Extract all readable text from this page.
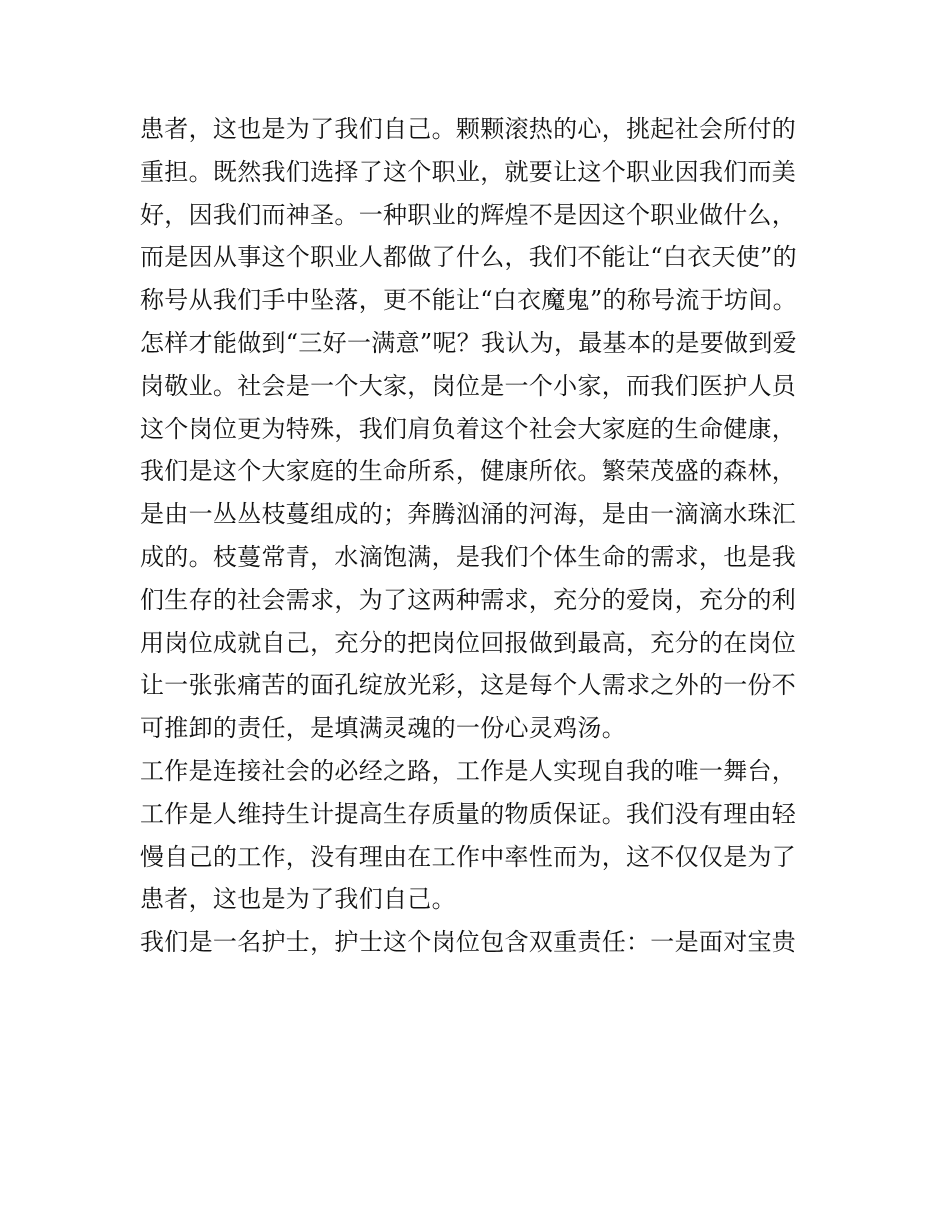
患者，这也是为了我们自己。颗颗滚热的心，挑起社会所付的
重担。既然我们选择了这个职业，就要让这个职业因我们而美
好，因我们而神圣。一种职业的辉煌不是因这个职业做什么，
而是因从事这个职业人都做了什么，我们不能让“白衣天使”的
称号从我们手中坠落，更不能让“白衣魔鬼”的称号流于坊间。
怎样才能做到“三好一满意”呢？我认为，最基本的是要做到爱
岗敬业。社会是一个大家，岗位是一个小家，而我们医护人员
这个岗位更为特殊，我们肩负着这个社会大家庭的生命健康，
我们是这个大家庭的生命所系，健康所依。繁荣茂盛的森林，
是由一丛丛枝蔓组成的；奔腾汹涌的河海，是由一滴滴水珠汇
成的。枝蔓常青，水滴饱满，是我们个体生命的需求，也是我
们生存的社会需求，为了这两种需求，充分的爱岗，充分的利
用岗位成就自己，充分的把岗位回报做到最高，充分的在岗位
让一张张痛苦的面孔绽放光彩，这是每个人需求之外的一份不
可推卸的责任，是填满灵魂的一份心灵鸡汤。
工作是连接社会的必经之路，工作是人实现自我的唯一舞台，
工作是人维持生计提高生存质量的物质保证。我们没有理由轻
慢自己的工作，没有理由在工作中率性而为，这不仅仅是为了
患者，这也是为了我们自己。
我们是一名护士，护士这个岗位包含双重责任：一是面对宝贵
